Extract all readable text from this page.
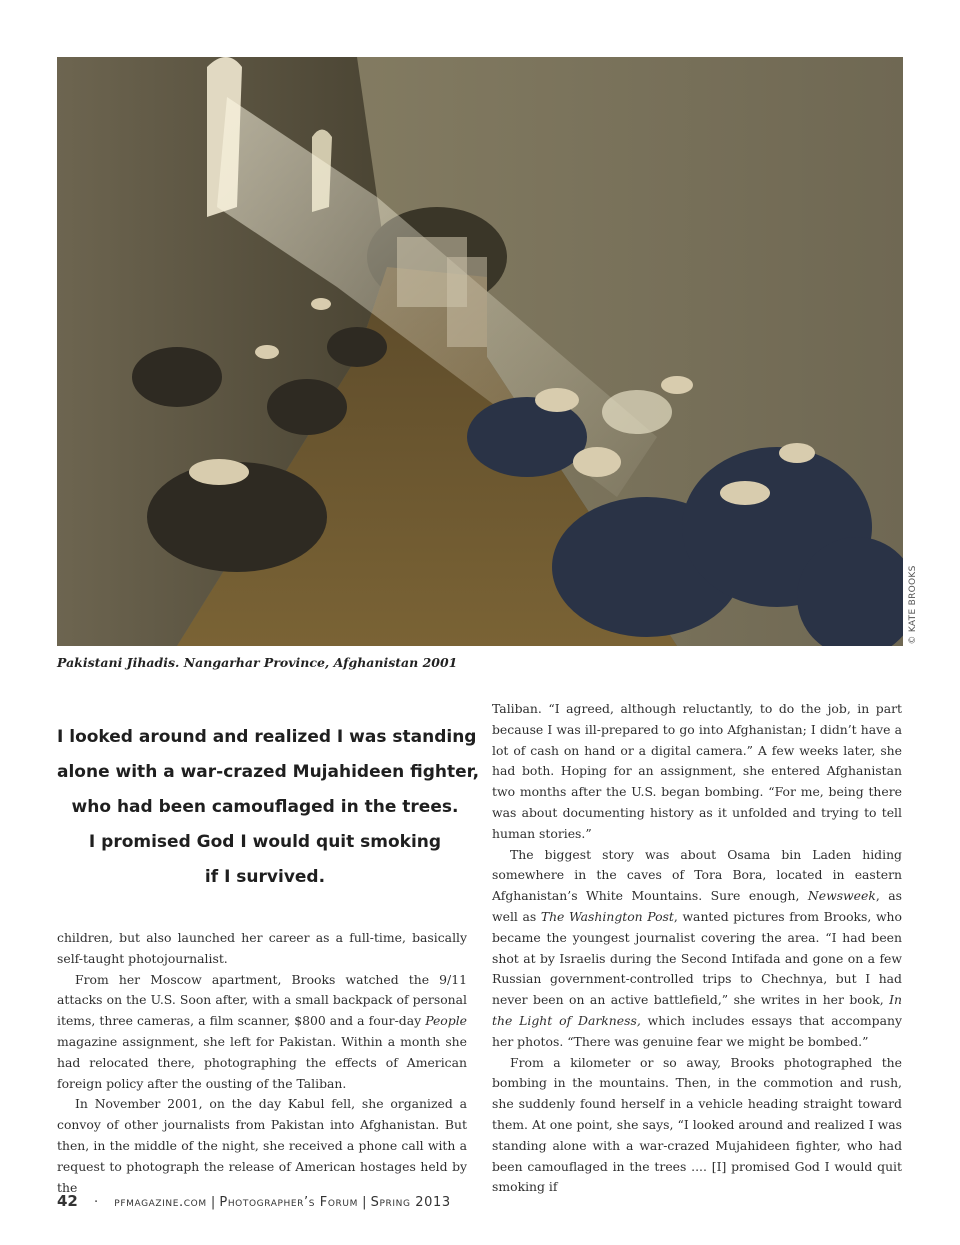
© KATE BROOKS
Pakistani Jihadis. Nangarhar Province, Afghanistan 2001
I looked around and realized I was standing
alone with a war-crazed Mujahideen fighter,
who had been camouflaged in the trees.
I promised God I would quit smoking
if I survived.

children, but also launched her career as a full-time, basically self-taught photojournalist.

From her Moscow apartment, Brooks watched the 9/11 attacks on the U.S. Soon after, with a small backpack of personal items, three cameras, a film scanner, $800 and a four-day People magazine assignment, she left for Pakistan. Within a month she had relocated there, photographing the effects of American foreign policy after the ousting of the Taliban.

In November 2001, on the day Kabul fell, she organized a convoy of other journalists from Pakistan into Afghanistan. But then, in the middle of the night, she received a phone call with a request to photograph the release of American hostages held by the

Taliban. “I agreed, although reluctantly, to do the job, in part because I was ill-prepared to go into Afghanistan; I didn’t have a lot of cash on hand or a digital camera.” A few weeks later, she had both. Hoping for an assignment, she entered Afghanistan two months after the U.S. began bombing. “For me, being there was about documenting history as it unfolded and trying to tell human stories.”

The biggest story was about Osama bin Laden hiding somewhere in the caves of Tora Bora, located in eastern Afghanistan’s White Mountains. Sure enough, Newsweek, as well as The Washington Post, wanted pictures from Brooks, who became the youngest journalist covering the area. “I had been shot at by Israelis during the Second Intifada and gone on a few Russian government-controlled trips to Chechnya, but I had never been on an active battlefield,” she writes in her book, In the Light of Darkness, which includes essays that accompany her photos. “There was genuine fear we might be bombed.”

From a kilometer or so away, Brooks photographed the bombing in the mountains. Then, in the commotion and rush, she suddenly found herself in a vehicle heading straight toward them. At one point, she says, “I looked around and realized I was standing alone with a war-crazed Mujahideen fighter, who had been camouflaged in the trees .... [I] promised God I would quit smoking if

42 · pfmagazine.com | Photographer’s Forum | Spring 2013
